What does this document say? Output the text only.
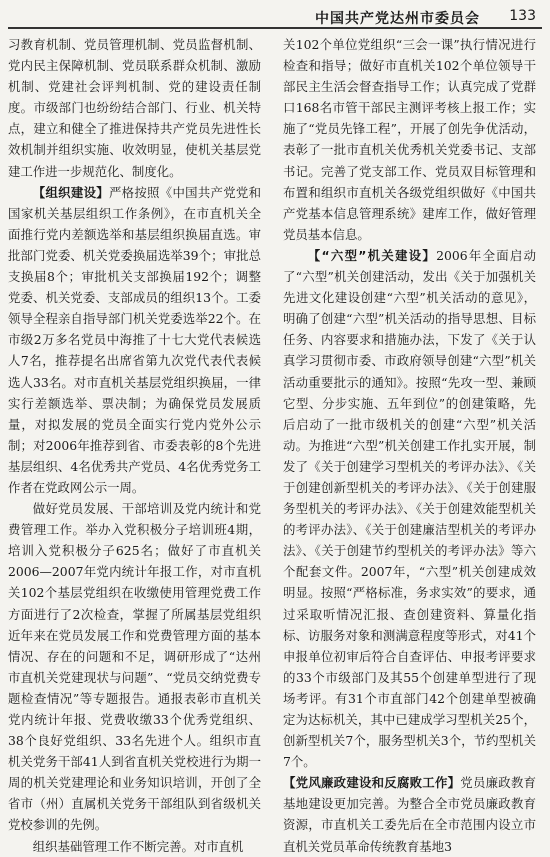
中国共产党达州市委员会 133

习教育机制、党员管理机制、党员监督机制、党内民主保障机制、党员联系群众机制、激励机制、党建社会评判机制、党的建设责任制度。市级部门也纷纷结合部门、行业、机关特点，建立和健全了推进保持共产党员先进性长效机制并组织实施、收效明显，使机关基层党建工作进一步规范化、制度化。

【组织建设】严格按照《中国共产党党和国家机关基层组织工作条例》，在市直机关全面推行党内差额选举和基层组织换届直选。审批部门党委、机关党委换届选举39个；审批总支换届8个；审批机关支部换届192个；调整党委、机关党委、支部成员的组织13个。工委领导全程亲自指导部门机关党委选举22个。在市级2万多名党员中海推了十七大党代表候选人7名，推荐提名出席省第九次党代表代表候选人33名。对市直机关基层党组织换届，一律实行差额选举、票决制；为确保党员发展质量，对拟发展的党员全面实行党内党外公示制；对2006年推荐到省、市委表彰的8个先进基层组织、4名优秀共产党员、4名优秀党务工作者在党政网公示一周。

做好党员发展、干部培训及党内统计和党费管理工作。举办入党积极分子培训班4期，培训入党积极分子625名；做好了市直机关2006—2007年党内统计年报工作，对市直机关102个基层党组织在收缴使用管理党费工作方面进行了2次检查，掌握了所属基层党组织近年来在党员发展工作和党费管理方面的基本情况、存在的问题和不足，调研形成了“达州市直机关党建现状与问题”、“党员交纳党费专题检查情况”等专题报告。通报表彰市直机关党内统计年报、党费收缴33个优秀党组织、38个良好党组织、33名先进个人。组织市直机关党务干部41人到省直机关党校进行为期一周的机关党建理论和业务知识培训，开创了全省市（州）直属机关党务干部组队到省级机关党校参训的先例。

组织基础管理工作不断完善。对市直机

关102个单位党组织“三会一课”执行情况进行检查和指导；做好市直机关102个单位领导干部民主生活会督查指导工作；认真完成了党群口168名市管干部民主测评考核上报工作；实施了“党员先锋工程”，开展了创先争优活动，表彰了一批市直机关优秀机关党委书记、支部书记。完善了党支部工作、党员双目标管理和布置和组织市直机关各级党组织做好《中国共产党基本信息管理系统》建库工作，做好管理党员基本信息。

【“六型”机关建设】2006年全面启动了“六型”机关创建活动，发出《关于加强机关先进文化建设创建“六型”机关活动的意见》，明确了创建“六型”机关活动的指导思想、目标任务、内容要求和措施办法，下发了《关于认真学习贯彻市委、市政府领导创建“六型”机关活动重要批示的通知》。按照“先攻一型、兼顾它型、分步实施、五年到位”的创建策略，先后启动了一批市级机关的创建“六型”机关活动。为推进“六型”机关创建工作扎实开展，制发了《关于创建学习型机关的考评办法》、《关于创建创新型机关的考评办法》、《关于创建服务型机关的考评办法》、《关于创建效能型机关的考评办法》、《关于创建廉洁型机关的考评办法》、《关于创建节约型机关的考评办法》等六个配套文件。2007年，“六型”机关创建成效明显。按照“严格标准，务求实效”的要求，通过采取听情况汇报、查创建资料、算量化指标、访服务对象和测满意程度等形式，对41个申报单位初审后符合自查评估、申报考评要求的33个市级部门及其55个创建单型进行了现场考评。有31个市直部门42个创建单型被确定为达标机关，其中已建成学习型机关25个，创新型机关7个，服务型机关3个，节约型机关7个。

【党风廉政建设和反腐败工作】党员廉政教育基地建设更加完善。为整合全市党员廉政教育资源，市直机关工委先后在全市范围内设立市直机关党员革命传统教育基地3
